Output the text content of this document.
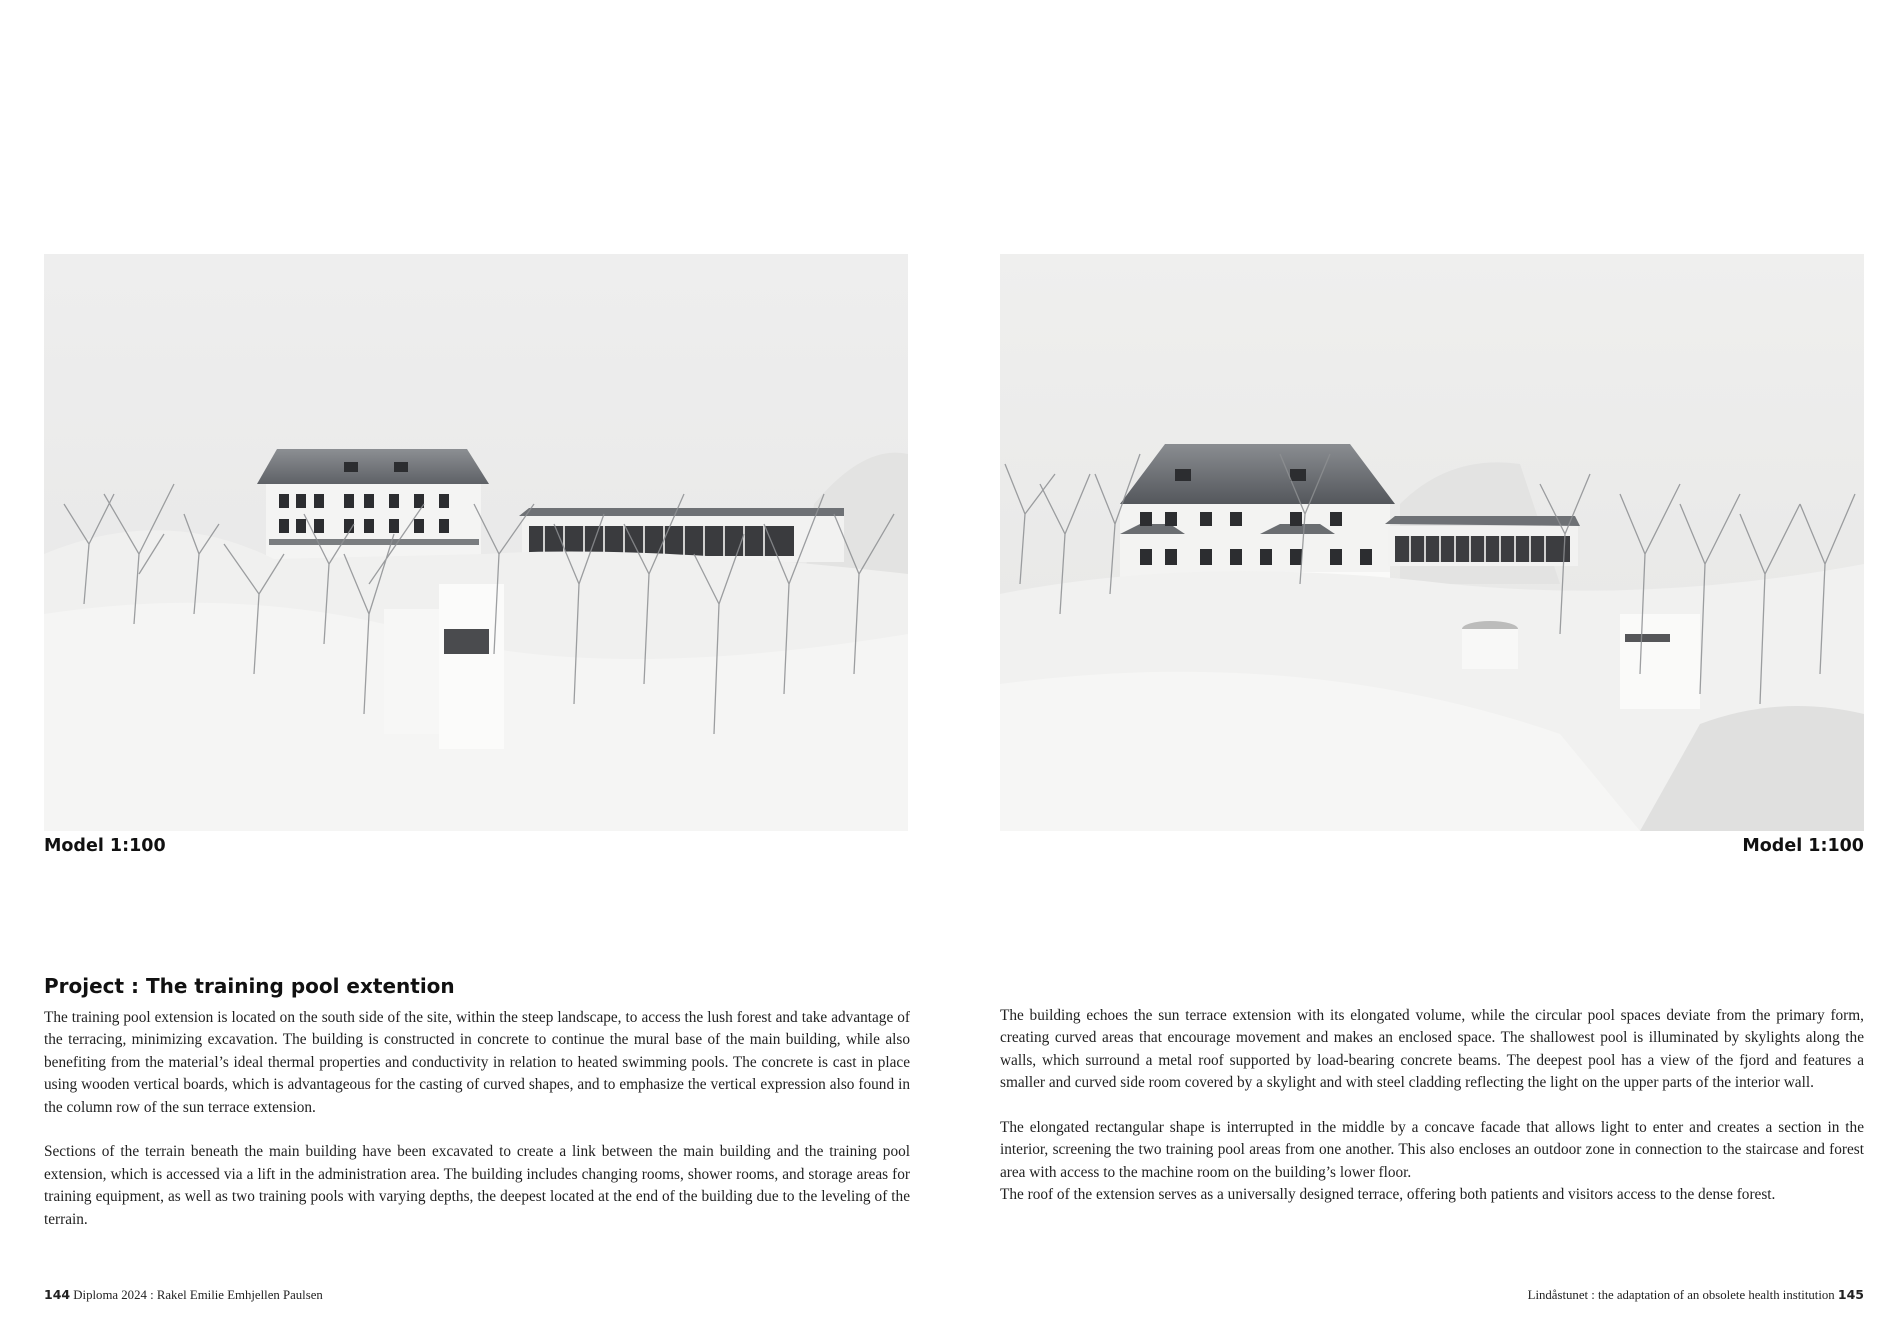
Model 1:100
Project : The training pool extention

The training pool extension is located on the south side of the site, within the steep landscape, to access the lush forest and take advantage of the terracing, minimizing excavation. The building is constructed in concrete to continue the mural base of the main building, while also benefiting from the material’s ideal thermal properties and conductivity in relation to heated swimming pools. The concrete is cast in place using wooden vertical boards, which is advantageous for the casting of curved shapes, and to emphasize the vertical expression also found in the column row of the sun terrace extension.

Sections of the terrain beneath the main building have been excavated to create a link between the main building and the training pool extension, which is accessed via a lift in the administration area. The building includes changing rooms, shower rooms, and storage areas for training equipment, as well as two training pools with varying depths, the deepest located at the end of the building due to the leveling of the terrain.

144 Diploma 2024 : Rakel Emilie Emhjellen Paulsen
Model 1:100

The building echoes the sun terrace extension with its elongated volume, while the circular pool spaces deviate from the primary form, creating curved areas that encourage movement and makes an enclosed space. The shallowest pool is illuminated by skylights along the walls, which surround a metal roof supported by load-bearing concrete beams. The deepest pool has a view of the fjord and features a smaller and curved side room covered by a skylight and with steel cladding reflecting the light on the upper parts of the interior wall.

The elongated rectangular shape is interrupted in the middle by a concave facade that allows light to enter and creates a section in the interior, screening the two training pool areas from one another. This also encloses an outdoor zone in connection to the staircase and forest area with access to the machine room on the building’s lower floor.
The roof of the extension serves as a universally designed terrace, offering both patients and visitors access to the dense forest.

Lindåstunet : the adaptation of an obsolete health institution 145
